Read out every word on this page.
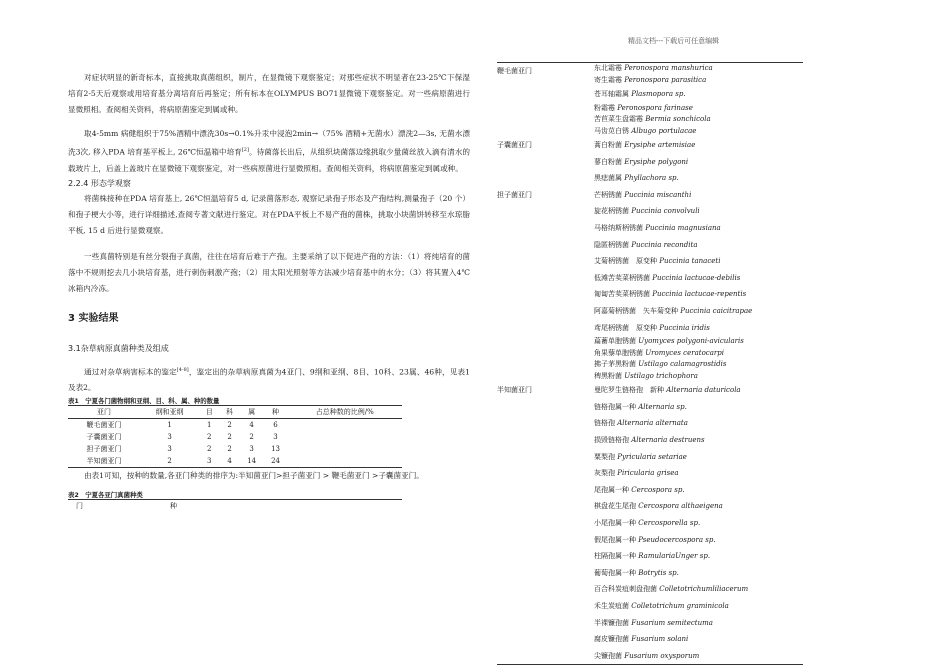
精品文档---下载后可任意编辑

对症状明显的新奇标本，直接挑取真菌组织，制片，在显微镜下观察鉴定；对那些症状不明显者在23-25℃下保湿培育2-5天后观察或用培育基分离培育后再鉴定；所有标本在OLYMPUS BO71显微镜下观察鉴定。对一些病原菌进行显微照相。查阅相关资料，将病原菌鉴定到属或种。

取4-5mm 病健组织于75%酒精中漂洗30s→0.1%升汞中浸泡2min→（75% 酒精+无菌水）漂洗2—3s, 无菌水漂洗3次, 移入PDA 培育基平板上, 26℃恒温箱中培育[2]。待菌落长出后，从组织块菌落边缘挑取少量菌丝放入滴有清水的载玻片上，后盖上盖玻片在显微镜下观察鉴定，对一些病原菌进行显微照相。查阅相关资料，将病原菌鉴定到属或种。

2.2.4 形态学观察

将菌株接种在PDA 培育基上, 26℃恒温培育5 d, 记录菌落形态, 观察记录孢子形态及产孢结构,测量孢子（20 个）和孢子梗大小等，进行详细描述,查阅专著文献进行鉴定。对在PDA平板上不易产孢的菌株，挑取小块菌饼转移至水琼脂平板, 15 d 后进行显微观察。

一些真菌特别是有丝分裂孢子真菌，往往在培育后难于产孢。主要采纳了以下促进产孢的方法：（1）将纯培育的菌落中不规则挖去几小块培育基，进行刺伤刺激产孢；（2）用太阳光照射等方法减少培育基中的水分；（3）将其置入4℃冰箱内冷冻。

3 实验结果

3.1杂草病原真菌种类及组成

通过对杂草病害标本的鉴定[4-8]，鉴定出的杂草病原真菌为4亚门、9纲和亚纲、8目、10科、23属、46种，见表1及表2。

表1　宁夏各门菌物纲和亚纲、目、科、属、种的数量

亚门	纲和亚纲	目	科	属	种	占总种数的比例/%
鞭毛菌亚门	1	1	2	4	6	
子囊菌亚门	3	2	2	2	3	
担子菌亚门	3	2	2	3	13	
半知菌亚门	2	3	4	14	24	

由表1可知，按种的数量,各亚门种类的排序为:半知菌亚门>担子菌亚门 > 鞭毛菌亚门 >子囊菌亚门。

表2　宁夏各亚门真菌种类

门	种
鞭毛菌亚门	东北霜霉 Peronospora manshurica
寄生霜霉 Peronospora parasitica
苍耳轴霜属 Plasmopora sp.
粉霜霉 Peronospora farinase
苦苣菜生盘霜霉 Bermia sonchicola
马齿苋白锈 Albugo portulacae
子囊菌亚门	蒿白粉菌 Erysiphe artemisiae
蓼白粉菌 Erysiphe polygoni
黑痣菌属 Phyllachora sp.
担子菌亚门	芒柄锈菌 Puccinia miscanthi
旋花柄锈菌 Puccinia convolvuli
马格纳斯柄锈菌 Puccinia magnusiana
隐匿柄锈菌 Puccinia recondita
艾菊柄锈菌　原变种 Puccinia tanaceti
低滩苦荬菜柄锈菌 Puccinia lactucae-debilis
匍匐苦荬菜柄锈菌 Puccinia lactucae-repentis
阿嘉菊柄锈菌　矢车菊变种 Puccinia caicitrapae
鸢尾柄锈菌　原变种 Puccinia iridis
萹蓄单胞锈菌 Uyomyces polygoni-avicularis
角果藜单胞锈菌 Uromyces ceratocarpi
拂子茅黑粉菌 Ustilago calamagrostidis
稗黑粉菌 Ustilago trichophora
半知菌亚门	曼陀罗生链格孢　新种 Alternaria daturicola
链格孢属一种 Alternaria sp.
链格孢 Alternaria alternata
损毁链格孢 Alternaria destruens
粟梨孢 Pyricularia setariae
灰梨孢 Piricularia grisea
尾孢属一种 Cercospora sp.
棋盘花生尾孢 Cercospora althaeigena
小尾孢属一种 Cercosporella sp.
假尾孢属一种 Pseudocercospora sp.
柱隔孢属一种 RamulariaUnger sp.
葡萄孢属一种 Botrytis sp.
百合科炭疽刺盘孢菌 Colletotrichumliliacerum
禾生炭疽菌 Colletotrichum graminicola
半裸镰孢菌 Fusarium semitectuma
腐皮镰孢菌 Fusarium solani
尖镰孢菌 Fusarium oxysporum
